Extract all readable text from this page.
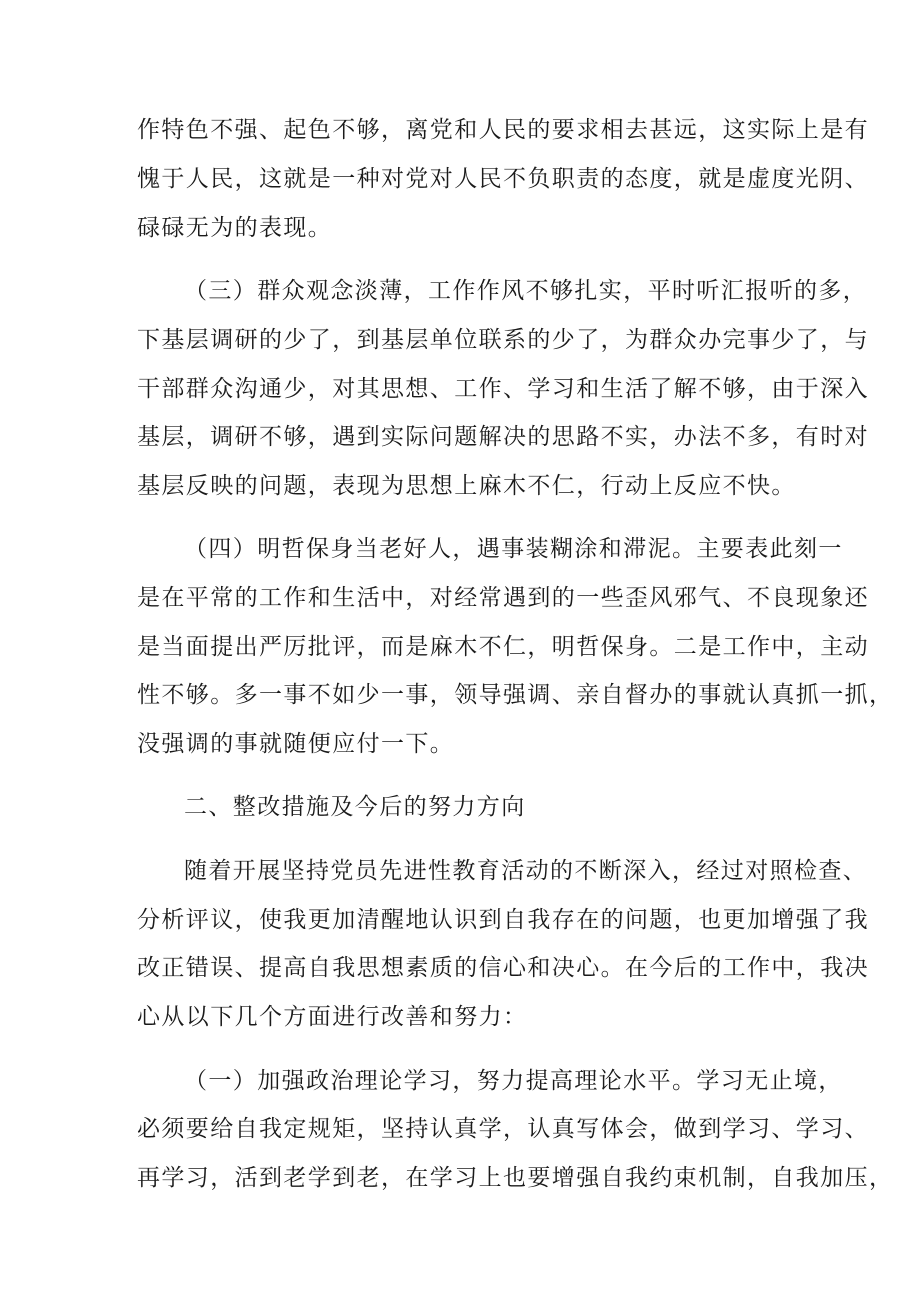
作特色不强、起色不够，离党和人民的要求相去甚远，这实际上是有

愧于人民，这就是一种对党对人民不负职责的态度，就是虚度光阴、

碌碌无为的表现。

（三）群众观念淡薄，工作作风不够扎实，平时听汇报听的多，

下基层调研的少了，到基层单位联系的少了，为群众办完事少了，与

干部群众沟通少，对其思想、工作、学习和生活了解不够，由于深入

基层，调研不够，遇到实际问题解决的思路不实，办法不多，有时对

基层反映的问题，表现为思想上麻木不仁，行动上反应不快。

（四）明哲保身当老好人，遇事装糊涂和滞泥。主要表此刻一

是在平常的工作和生活中，对经常遇到的一些歪风邪气、不良现象还

是当面提出严厉批评，而是麻木不仁，明哲保身。二是工作中，主动

性不够。多一事不如少一事，领导强调、亲自督办的事就认真抓一抓，

没强调的事就随便应付一下。

二、整改措施及今后的努力方向

随着开展坚持党员先进性教育活动的不断深入，经过对照检查、

分析评议，使我更加清醒地认识到自我存在的问题，也更加增强了我

改正错误、提高自我思想素质的信心和决心。在今后的工作中，我决

心从以下几个方面进行改善和努力：

（一）加强政治理论学习，努力提高理论水平。学习无止境，

必须要给自我定规矩，坚持认真学，认真写体会，做到学习、学习、

再学习，活到老学到老，在学习上也要增强自我约束机制，自我加压，
